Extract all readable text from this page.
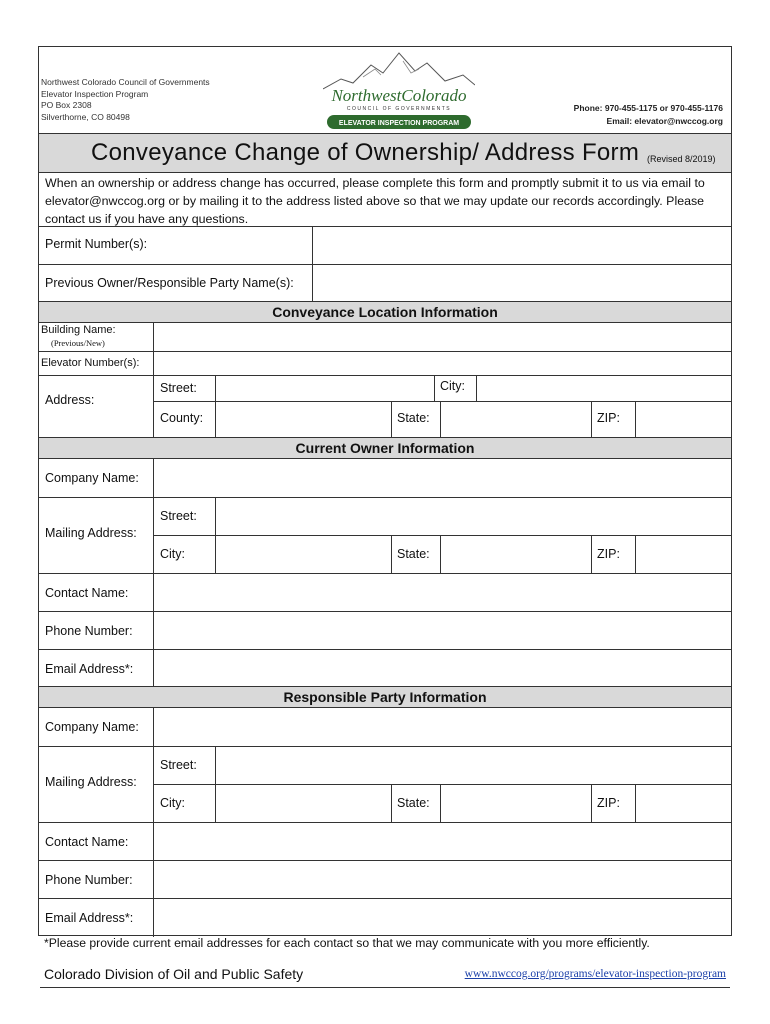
Northwest Colorado Council of Governments
Elevator Inspection Program
PO Box 2308
Silverthorne, CO 80498
NorthwestColorado
COUNCIL OF GOVERNMENTS
ELEVATOR INSPECTION PROGRAM
Phone: 970-455-1175 or 970-455-1176
Email: elevator@nwccog.org
Conveyance Change of Ownership/ Address Form (Revised 8/2019)
When an ownership or address change has occurred, please complete this form and promptly submit it to us via email to elevator@nwccog.org or by mailing it to the address listed above so that we may update our records accordingly. Please contact us if you have any questions.
Permit Number(s):
Previous Owner/Responsible Party Name(s):
Conveyance Location Information
Building Name:
(Previous/New)
Elevator Number(s):
Address:
Street:	City:
County:	State:	ZIP:
Current Owner Information
Company Name:
Mailing Address:
Street:
City:	State:	ZIP:
Contact Name:
Phone Number:
Email Address*:
Responsible Party Information
Company Name:
Mailing Address:
Street:
City:	State:	ZIP:
Contact Name:
Phone Number:
Email Address*:
*Please provide current email addresses for each contact so that we may communicate with you more efficiently.
Colorado Division of Oil and Public Safety	www.nwccog.org/programs/elevator-inspection-program
